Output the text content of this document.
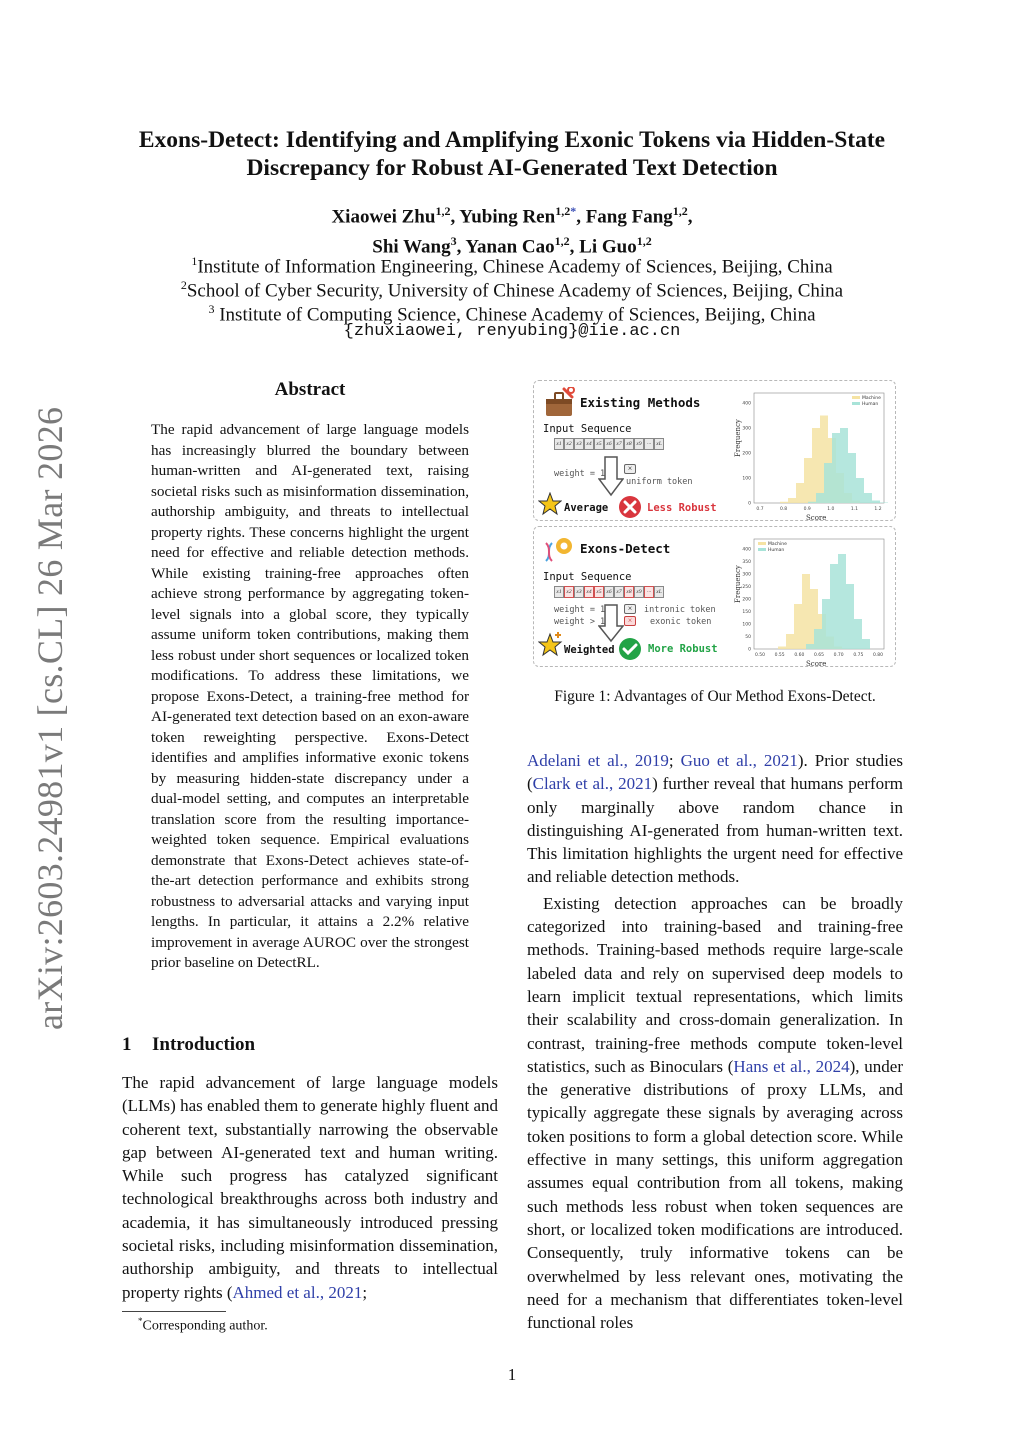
arXiv:2603.24981v1 [cs.CL] 26 Mar 2026
Exons-Detect: Identifying and Amplifying Exonic Tokens via Hidden-State Discrepancy for Robust AI-Generated Text Detection
Xiaowei Zhu$^{1,2}$, Yubing Ren$^{1,2*}$, Fang Fang$^{1,2}$,
Shi Wang$^3$, Yanan Cao$^{1,2}$, Li Guo$^{1,2}$
$^1$Institute of Information Engineering, Chinese Academy of Sciences, Beijing, China
$^2$School of Cyber Security, University of Chinese Academy of Sciences, Beijing, China
$^3$ Institute of Computing Science, Chinese Academy of Sciences, Beijing, China
{zhuxiaowei, renyubing}@iie.ac.cn
Abstract
The rapid advancement of large language models has increasingly blurred the boundary between human-written and AI-generated text, raising societal risks such as misinformation dissemination, authorship ambiguity, and threats to intellectual property rights. These concerns highlight the urgent need for effective and reliable detection methods. While existing training-free approaches often achieve strong performance by aggregating token-level signals into a global score, they typically assume uniform token contributions, making them less robust under short sequences or localized token modifications. To address these limitations, we propose Exons-Detect, a training-free method for AI-generated text detection based on an exon-aware token reweighting perspective. Exons-Detect identifies and amplifies informative exonic tokens by measuring hidden-state discrepancy under a dual-model setting, and computes an interpretable translation score from the resulting importance-weighted token sequence. Empirical evaluations demonstrate that Exons-Detect achieves state-of-the-art detection performance and exhibits strong robustness to adversarial attacks and varying input lengths. In particular, it attains a 2.2% relative improvement in average AUROC over the strongest prior baseline on DetectRL.
1 Introduction
The rapid advancement of large language models (LLMs) has enabled them to generate highly fluent and coherent text, substantially narrowing the observable gap between AI-generated text and human writing. While such progress has catalyzed significant technological breakthroughs across both industry and academia, it has simultaneously introduced pressing societal risks, including misinformation dissemination, authorship ambiguity, and threats to intellectual property rights (Ahmed et al., 2021;
*Corresponding author.
1
Existing Methods
Input Sequence
x1 x2 x3 x4 x5 x6 x7 x8 x9 ··· xL
weight = 1
×
uniform token
Average	Less Robust
Frequency
0
100
200
300
400
0.7	0.8	0.9	1.0	1.1	1.2
Score
Machine
Human
Exons-Detect
Input Sequence
x1 x2 x3 x4 x5 x6 x7 x8 x9 ··· xL
weight = 1
weight > 1
×
×
intronic token
exonic token
Weighted	More Robust
Frequency
0
50
100
150
200
250
300
350
400
0.50 0.55 0.60 0.65 0.70 0.75 0.80
Score
Machine
Human
Figure 1: Advantages of Our Method Exons-Detect.

Adelani et al., 2019; Guo et al., 2021). Prior studies (Clark et al., 2021) further reveal that humans perform only marginally above random chance in distinguishing AI-generated from human-written text. This limitation highlights the urgent need for effective and reliable detection methods.

Existing detection approaches can be broadly categorized into training-based and training-free methods. Training-based methods require large-scale labeled data and rely on supervised deep models to learn implicit textual representations, which limits their scalability and cross-domain generalization. In contrast, training-free methods compute token-level statistics, such as Binoculars (Hans et al., 2024), under the generative distributions of proxy LLMs, and typically aggregate these signals by averaging across token positions to form a global detection score. While effective in many settings, this uniform aggregation assumes equal contribution from all tokens, making such methods less robust when token sequences are short, or localized token modifications are introduced. Consequently, truly informative tokens can be overwhelmed by less relevant ones, motivating the need for a mechanism that differentiates token-level functional roles
